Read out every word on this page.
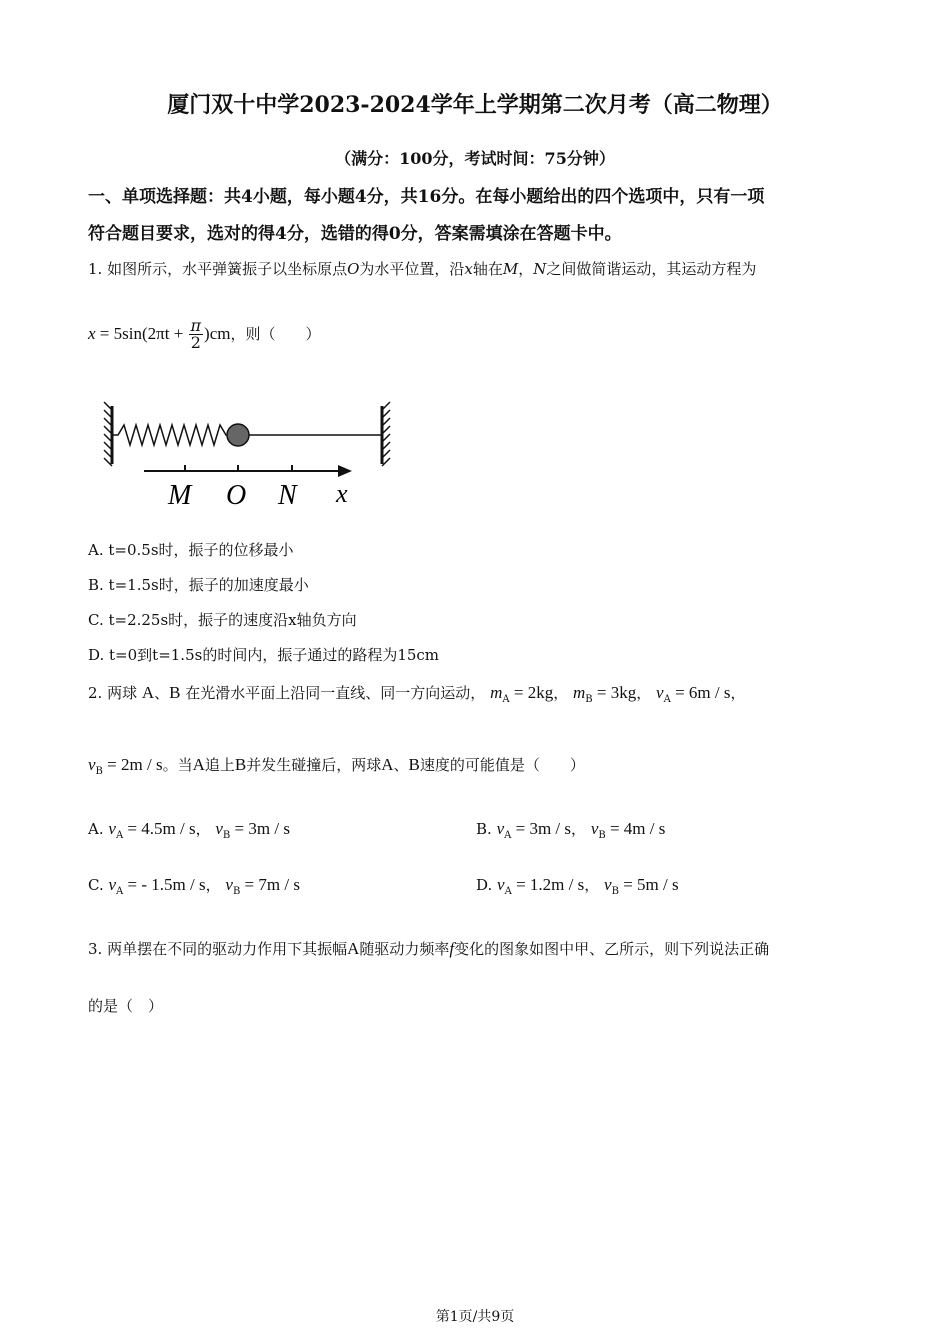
厦门双十中学2023-2024学年上学期第二次月考（高二物理）
（满分：100分，考试时间：75分钟）
一、单项选择题：共4小题，每小题4分，共16分。在每小题给出的四个选项中，只有一项
符合题目要求，选对的得4分，选错的得0分，答案需填涂在答题卡中。
1. 如图所示，水平弹簧振子以坐标原点O为水平位置，沿x轴在M，N之间做简谐运动，其运动方程为
$x = 5\sin(2\pi t + \frac{\pi}{2} )cm$，则（　　）
M O N x
A. t=0.5s时，振子的位移最小
B. t=1.5s时，振子的加速度最小
C. t=2.25s时，振子的速度沿x轴负方向
D. t=0到t=1.5s的时间内，振子通过的路程为15cm
2. 两球 A、B 在光滑水平面上沿同一直线、同一方向运动， $m_A = 2kg$， $m_B = 3kg$， $v_A = 6m / s$，
$v_B = 2m / s$。当A追上B并发生碰撞后，两球A、B速度的可能值是（　　）
A. $v_A = 4.5m / s$， $v_B = 3m / s$	B. $v_A = 3m / s$， $v_B = 4m / s$
C. $v_A$ = - 1.5m / s， $v_B = 7m / s$	D. $v_A = 1.2m / s$， $v_B = 5m / s$
3. 两单摆在不同的驱动力作用下其振幅A随驱动力频率f变化的图象如图中甲、乙所示，则下列说法正确
的是（　）
第1页/共9页
